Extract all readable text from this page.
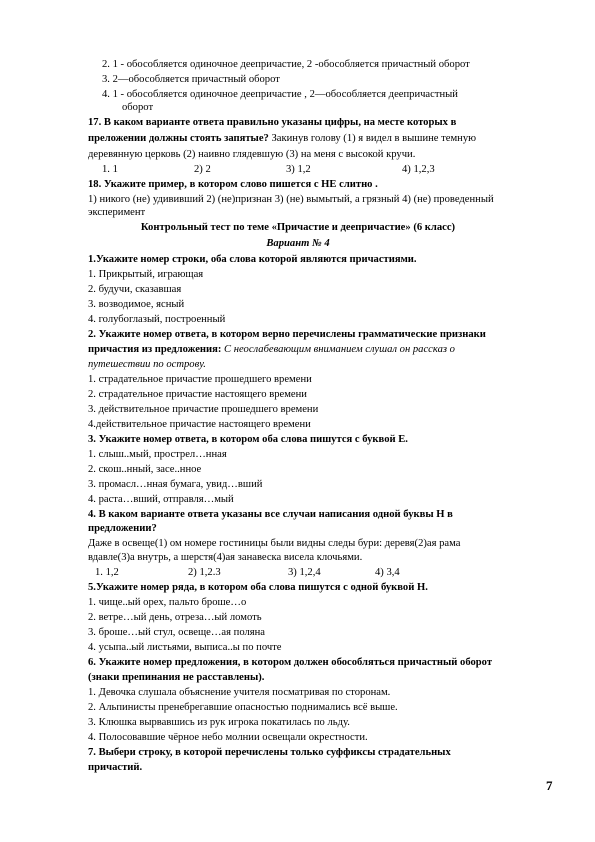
2. 1 - обособляется одиночное деепричастие, 2 -обособляется причастный оборот
3. 2—обособляется причастный оборот
4. 1 - обособляется одиночное деепричастие , 2—обособляется деепричастный
оборот
17. В каком варианте ответа правильно указаны цифры, на месте которых в
преложении должны стоять запятые? Закинув голову (1) я видел в вышине темную
деревянную церковь (2) наивно глядевшую (3) на меня с высокой кручи.
1. 1	2) 2	3) 1,2	4) 1,2,3
18. Укажите пример, в котором слово пишется с НЕ слитно .
1) никого (не) удививший 2) (не)признан 3) (не) вымытый, а грязный 4) (не) проведенный
эксперимент
Контрольный тест по теме «Причастие и деепричастие» (6 класс)
Вариант № 4
1.Укажите номер строки, оба слова которой являются причастиями.
1. Прикрытый, играющая
2. будучи, сказавшая
3. возводимое, ясный
4. голубоглазый, построенный
2. Укажите номер ответа, в котором верно перечислены грамматические признаки
причастия из предложения: С неослабевающим вниманием слушал он рассказ о
путешествии по острову.
1. страдательное причастие прошедшего времени
2. страдательное причастие настоящего времени
3. действительное причастие прошедшего времени
4.действительное причастие настоящего времени
3. Укажите номер ответа, в котором оба слова пишутся с буквой Е.
1. слыш..мый, прострел…нная
2. скош..нный, засе..нное
3. промасл…нная бумага, увид…вший
4. раста…вший, отправля…мый
4. В каком варианте ответа указаны все случаи написания одной буквы Н в
предложении?
Даже в освеще(1) ом номере гостиницы были видны следы бури: деревя(2)ая рама
вдавле(3)а внутрь, а шерстя(4)ая занавеска висела клочьями.
1. 1,2	2) 1,2.3	3) 1,2,4	4) 3,4
5.Укажите номер ряда, в котором оба слова пишутся с одной буквой Н.
1. чище..ый орех, пальто броше…о
2. ветре…ый день, отреза…ый ломоть
3. броше…ый стул, освеще…ая поляна
4. усыпа..ый листьями, выписа..ы по почте
6. Укажите номер предложения, в котором должен обособляться причастный оборот
(знаки препинания не расставлены).
1. Девочка слушала объяснение учителя посматривая по сторонам.
2. Альпинисты пренебрегавшие опасностью поднимались всё выше.
3. Клюшка вырвавшись из рук игрока покатилась по льду.
4. Полосовавшие чёрное небо молнии освещали окрестности.
7. Выбери строку, в которой перечислены только суффиксы страдательных
причастий.
7
